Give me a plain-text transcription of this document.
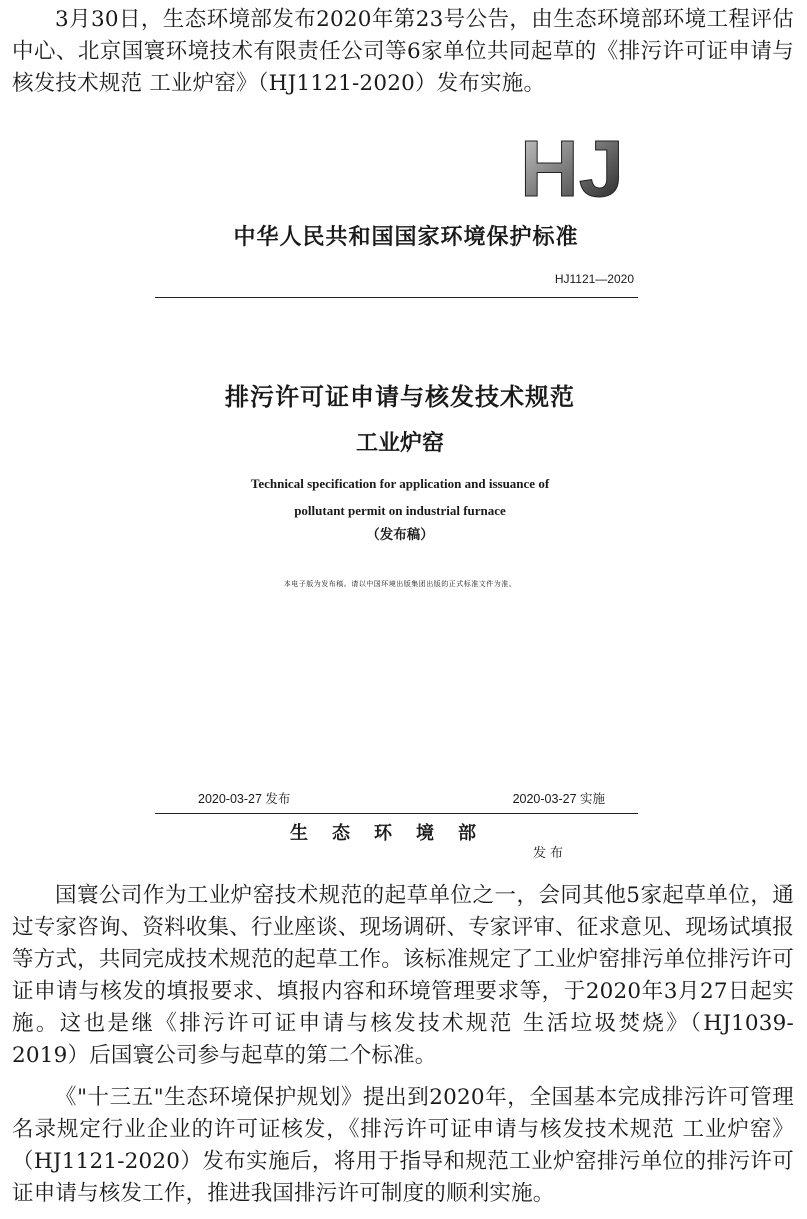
3月30日，生态环境部发布2020年第23号公告，由生态环境部环境工程评估中心、北京国寰环境技术有限责任公司等6家单位共同起草的《排污许可证申请与核发技术规范 工业炉窑》（HJ1121-2020）发布实施。

HJ
中华人民共和国国家环境保护标准
HJ1121—2020
排污许可证申请与核发技术规范
工业炉窑
Technical specification for application and issuance of
pollutant permit on industrial furnace
（发布稿）
本电子版为发布稿。请以中国环境出版集团出版的正式标准文件为准。
2020-03-27 发布	2020-03-27 实施
生态环境部
发布

国寰公司作为工业炉窑技术规范的起草单位之一，会同其他5家起草单位，通过专家咨询、资料收集、行业座谈、现场调研、专家评审、征求意见、现场试填报等方式，共同完成技术规范的起草工作。该标准规定了工业炉窑排污单位排污许可证申请与核发的填报要求、填报内容和环境管理要求等，于2020年3月27日起实施。这也是继《排污许可证申请与核发技术规范 生活垃圾焚烧》（HJ1039-2019）后国寰公司参与起草的第二个标准。

《"十三五"生态环境保护规划》提出到2020年，全国基本完成排污许可管理名录规定行业企业的许可证核发，《排污许可证申请与核发技术规范 工业炉窑》（HJ1121-2020）发布实施后，将用于指导和规范工业炉窑排污单位的排污许可证申请与核发工作，推进我国排污许可制度的顺利实施。
